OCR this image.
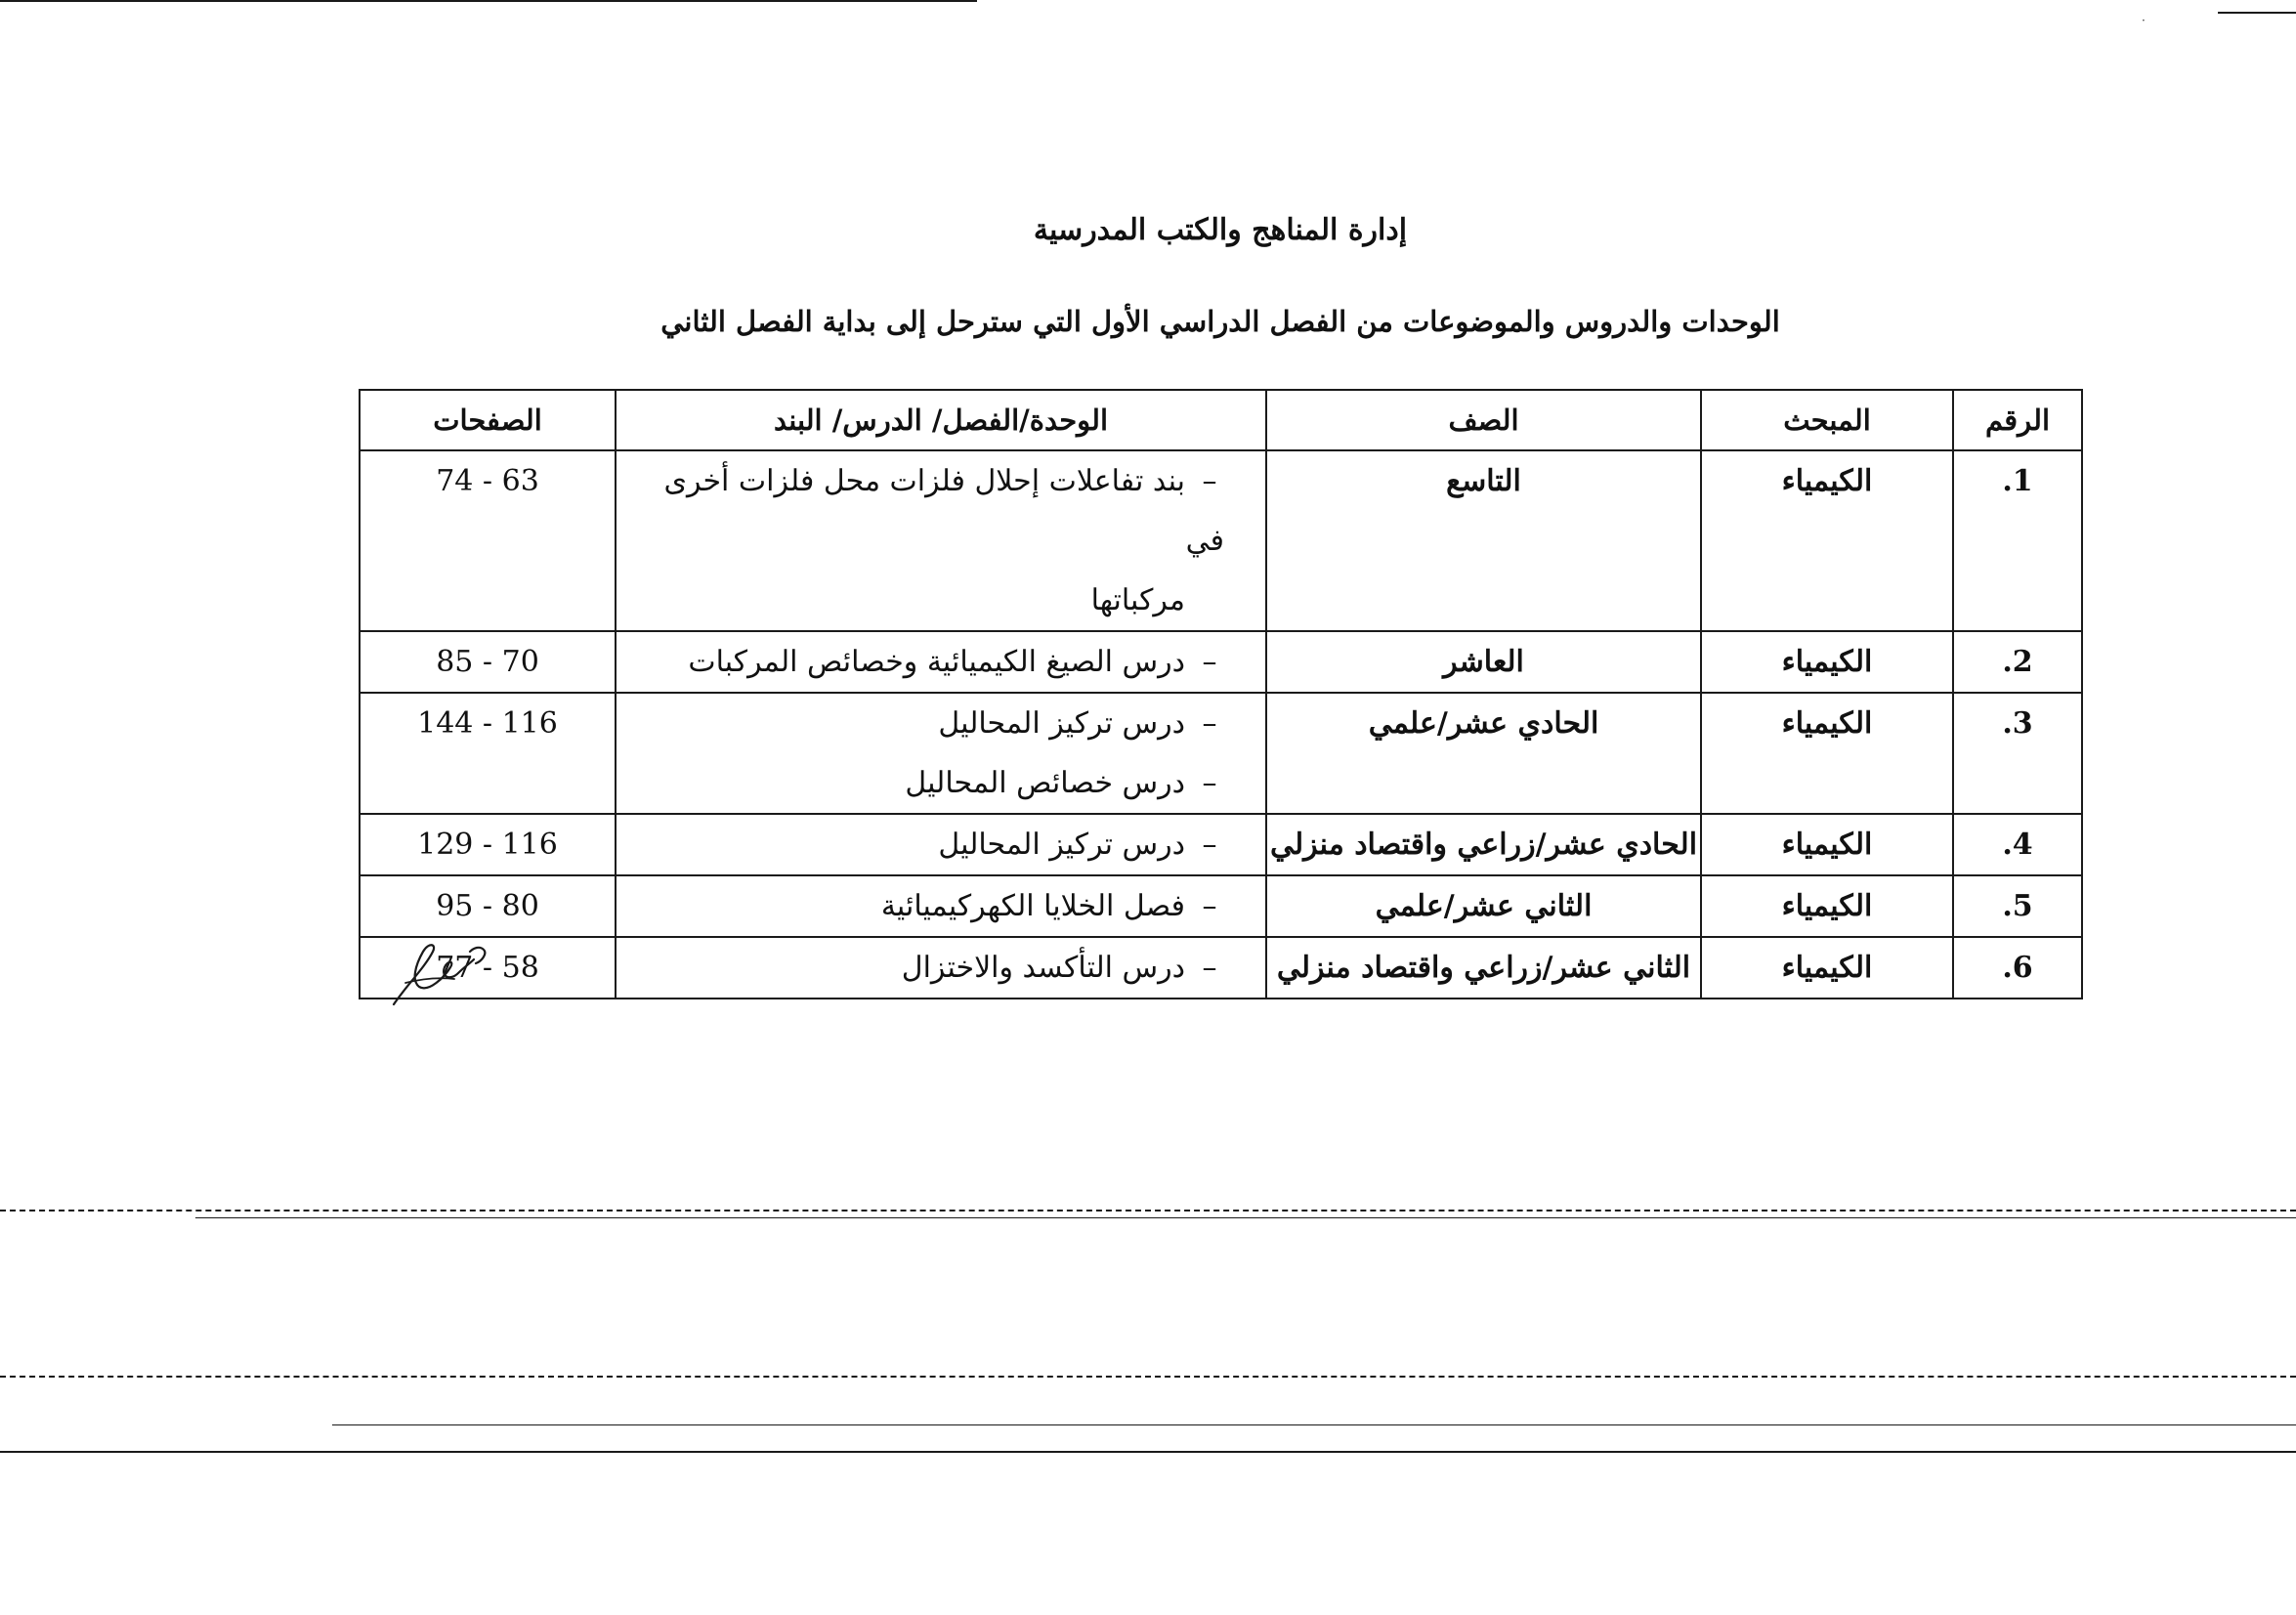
·
إدارة المناهج والكتب المدرسية
الوحدات والدروس والموضوعات من الفصل الدراسي الأول التي سترحل إلى بداية الفصل الثاني
الرقم	المبحث	الصف	الوحدة/الفصل/ الدرس/ البند	الصفحات
1.	الكيمياء	التاسع	–بند تفاعلات إحلال فلزات محل فلزات أخرى في
مركباتها	74 - 63
2.	الكيمياء	العاشر	–درس الصيغ الكيميائية وخصائص المركبات	85 - 70
3.	الكيمياء	الحادي عشر/علمي	–درس تركيز المحاليل
–درس خصائص المحاليل	144 - 116
4.	الكيمياء	الحادي عشر/زراعي واقتصاد منزلي	–درس تركيز المحاليل	129 - 116
5.	الكيمياء	الثاني عشر/علمي	–فصل الخلايا الكهركيميائية	95 - 80
6.	الكيمياء	الثاني عشر/زراعي واقتصاد منزلي	–درس التأكسد والاختزال	77 - 58
